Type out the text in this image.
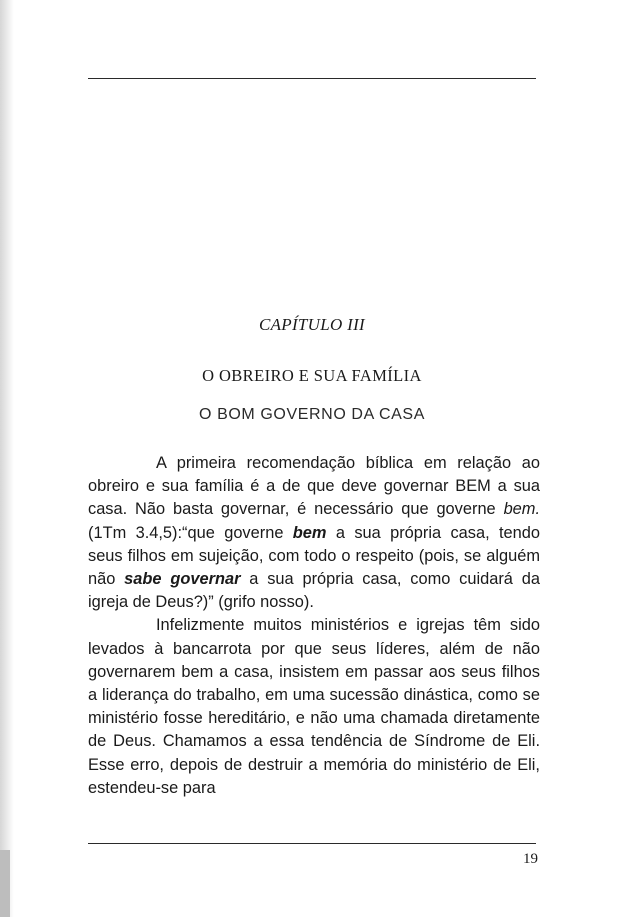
CAPÍTULO III
O OBREIRO E SUA FAMÍLIA
O BOM GOVERNO DA CASA

A primeira recomendação bíblica em relação ao obreiro e sua família é a de que deve governar BEM a sua casa. Não basta governar, é necessário que governe bem. (1Tm 3.4,5):“que governe bem a sua própria casa, tendo seus filhos em sujeição, com todo o respeito (pois, se alguém não sabe governar a sua própria casa, como cuidará da igreja de Deus?)” (grifo nosso).

Infelizmente muitos ministérios e igrejas têm sido levados à bancarrota por que seus líderes, além de não governarem bem a casa, insistem em passar aos seus filhos a liderança do trabalho, em uma sucessão dinástica, como se ministério fosse hereditário, e não uma chamada diretamente de Deus. Chamamos a essa tendência de Síndrome de Eli. Esse erro, depois de destruir a memória do ministério de Eli, estendeu-se para

19
